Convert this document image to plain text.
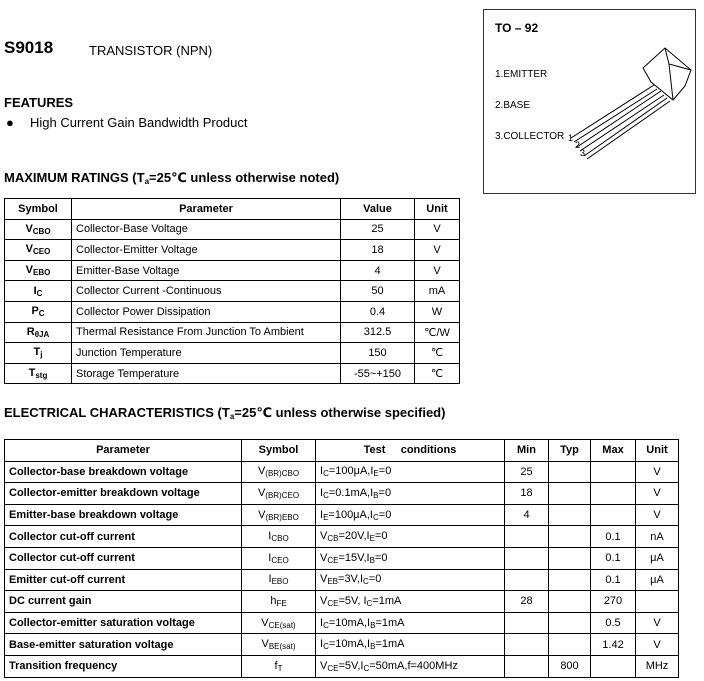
S9018	TRANSISTOR (NPN)
FEATURES
● High Current Gain Bandwidth Product
TO – 92
1.EMITTER
2.BASE
3.COLLECTOR 1
2
3
MAXIMUM RATINGS ($T_a=25℃$ unless otherwise noted)
Symbol	Parameter	Value	Unit
$V_{CBO}$	Collector-Base Voltage	25	V
$V_{CEO}$	Collector-Emitter Voltage	18	V
$V_{EBO}$	Emitter-Base Voltage	4	V
$I_C$	Collector Current -Continuous	50	mA
$P_C$	Collector Power Dissipation	0.4	W
$R_{\theta JA}$	Thermal Resistance From Junction To Ambient	312.5	℃/W
$T_j$	Junction Temperature	150	℃
$T_{stg}$	Storage Temperature	-55~+150	℃
ELECTRICAL CHARACTERISTICS ($T_a=25℃$ unless otherwise specified)
Parameter	Symbol	Test     conditions	Min	Typ	Max	Unit
Collector-base breakdown voltage	$V_{(BR)CBO}$	$I_C=100\mu A,I_E=0$	25			V
Collector-emitter breakdown voltage	$V_{(BR)CEO}$	$I_C=0.1mA,I_B=0$	18			V
Emitter-base breakdown voltage	$V_{(BR)EBO}$	$I_E=100\mu A,I_C=0$	4			V
Collector cut-off current	$I_{CBO}$	$V_{CB}=20V,I_E=0$			0.1	nA
Collector cut-off current	$I_{CEO}$	$V_{CE}=15V,I_B=0$			0.1	μA
Emitter cut-off current	$I_{EBO}$	$V_{EB}=3V,I_C=0$			0.1	μA
DC current gain	$h_{FE}$	$V_{CE}=5V$, $I_C=1mA$	28		270	
Collector-emitter saturation voltage	$V_{CE(sat)}$	$I_C=10mA,I_B=1mA$			0.5	V
Base-emitter saturation voltage	$V_{BE(sat)}$	$I_C=10mA,I_B=1mA$			1.42	V
Transition frequency	$f_T$	$V_{CE}=5V,I_C=50mA,f=400MHz$		800		MHz
